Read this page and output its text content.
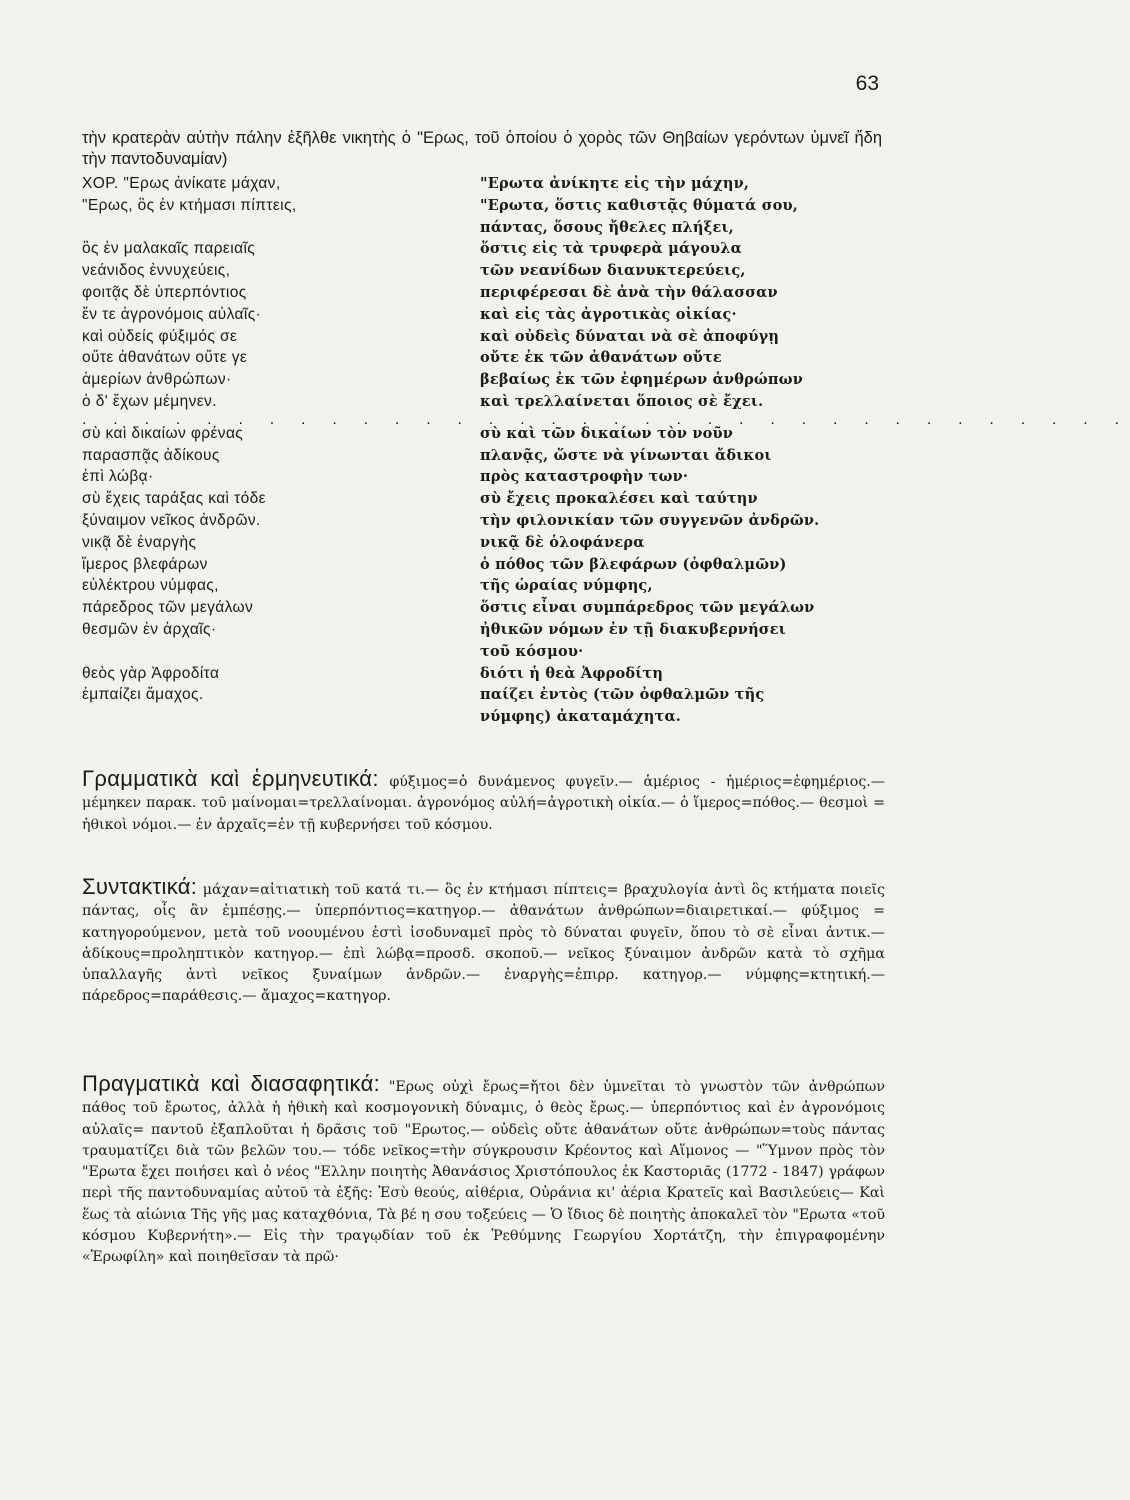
63
τὴν κρατερὰν αὐτὴν πάλην ἐξῆλθε νικητὴς ὁ "Ερως, τοῦ ὁποίου ὁ χορὸς τῶν Θηβαίων γερόντων ὑμνεῖ ἤδη τὴν παντοδυναμίαν)
ΧΟΡ. "Ερως ἀνίκατε μάχαν,	"Ερωτα ἀνίκητε εἰς τὴν μάχην,
"Ερως, ὃς ἐν κτήμασι πίπτεις,	"Ερωτα, ὅστις καθιστᾷς θύματά σου,
πάντας, ὅσους ἤθελες πλήξει,
ὃς ἐν μαλακαῖς παρειαῖς	ὅστις εἰς τὰ τρυφερὰ μάγουλα
νεάνιδος ἐννυχεύεις,	τῶν νεανίδων διανυκτερεύεις,
φοιτᾷς δὲ ὑπερπόντιος	περιφέρεσαι δὲ ἀνὰ τὴν θάλασσαν
ἔν τε ἀγρονόμοις αὐλαῖς·	καὶ εἰς τὰς ἀγροτικὰς οἰκίας·
καὶ οὐδείς φύξιμός σε	καὶ οὐδεὶς δύναται νὰ σὲ ἀποφύγῃ
οὔτε ἀθανάτων οὔτε γε	οὔτε ἐκ τῶν ἀθανάτων οὔτε
ἁμερίων ἀνθρώπων·	βεβαίως ἐκ τῶν ἐφημέρων ἀνθρώπων
ὁ δ' ἔχων μέμηνεν.	καὶ τρελλαίνεται ὅποιος σὲ ἔχει.
. . . . . . . . . . . . . . . . . . . . . . . . . . . . . . . . . .
σὺ καὶ δικαίων φρένας	σὺ καὶ τῶν δικαίων τὸν νοῦν
παρασπᾷς ἀδίκους	πλανᾷς, ὥστε νὰ γίνωνται ἄδικοι
ἐπὶ λώβᾳ·	πρὸς καταστροφὴν των·
σὺ ἔχεις ταράξας καὶ τόδε	σὺ ἔχεις προκαλέσει καὶ ταύτην
ξύναιμον νεῖκος ἀνδρῶν.	τὴν φιλονικίαν τῶν συγγενῶν ἀνδρῶν.
νικᾷ δὲ ἐναργὴς	νικᾷ δὲ ὁλοφάνερα
ἵμερος βλεφάρων	ὁ πόθος τῶν βλεφάρων (ὀφθαλμῶν)
εὐλέκτρου νύμφας,	τῆς ὡραίας νύμφης,
πάρεδρος τῶν μεγάλων	ὅστις εἶναι συμπάρεδρος τῶν μεγάλων
θεσμῶν ἐν ἀρχαῖς·	ἠθικῶν νόμων ἐν τῇ διακυβερνήσει
τοῦ κόσμου·
θεὸς γὰρ Ἀφροδίτα	διότι ἡ θεὰ Ἀφροδίτη
ἐμπαίζει ἄμαχος.	παίζει ἐντὸς (τῶν ὀφθαλμῶν τῆς
νύμφης) ἀκαταμάχητα.
Γραμματικὰ καὶ ἑρμηνευτικά: φύξιμος=ὁ δυνάμενος φυγεῖν.— ἁμέριος - ἡμέριος=ἐφημέριος.— μέμηκεν παρακ. τοῦ μαίνομαι=τρελλαίνομαι. ἀγρονόμος αὐλή=ἀγροτικὴ οἰκία.— ὁ ἵμερος=πόθος.— θεσμοὶ = ἠθικοὶ νόμοι.— ἐν ἀρχαῖς=ἐν τῇ κυβερνήσει τοῦ κόσμου.
Συντακτικά: μάχαν=αἰτιατικὴ τοῦ κατά τι.— ὃς ἐν κτήμασι πίπτεις= βραχυλογία ἀντὶ ὃς κτήματα ποιεῖς πάντας, οἷς ἂν ἐμπέσῃς.— ὑπερπόντιος=κατηγορ.— ἀθανάτων ἀνθρώπων=διαιρετικαί.— φύξιμος = κατηγορούμενον, μετὰ τοῦ νοουμένου ἐστὶ ἰσοδυναμεῖ πρὸς τὸ δύναται φυγεῖν, ὅπου τὸ σὲ εἶναι ἀντικ.— ἀδίκους=προληπτικὸν κατηγορ.— ἐπὶ λώβᾳ=προσδ. σκοποῦ.— νεῖκος ξύναιμον ἀνδρῶν κατὰ τὸ σχῆμα ὑπαλλαγῆς ἀντὶ νεῖκος ξυναίμων ἀνδρῶν.— ἐναργὴς=ἐπιρρ. κατηγορ.— νύμφης=κτητική.— πάρεδρος=παράθεσις.— ἄμαχος=κατηγορ.
Πραγματικὰ καὶ διασαφητικά: "Ερως οὐχὶ ἔρως=ἤτοι δὲν ὑμνεῖται τὸ γνωστὸν τῶν ἀνθρώπων πάθος τοῦ ἔρωτος, ἀλλὰ ἡ ἠθικὴ καὶ κοσμογονικὴ δύναμις, ὁ θεὸς ἔρως.— ὑπερπόντιος καὶ ἐν ἀγρονόμοις αὐλαῖς= παντοῦ ἐξαπλοῦται ἡ δρᾶσις τοῦ "Ερωτος.— οὐδεὶς οὔτε ἀθανάτων οὔτε ἀνθρώπων=τοὺς πάντας τραυματίζει διὰ τῶν βελῶν του.— τόδε νεῖκος=τὴν σύγκρουσιν Κρέοντος καὶ Αἵμονος — "Ὕμνον πρὸς τὸν "Ερωτα ἔχει ποιήσει καὶ ὁ νέος "Ελλην ποιητὴς Ἀθανάσιος Χριστόπουλος ἐκ Καστοριᾶς (1772 - 1847) γράφων περὶ τῆς παντοδυναμίας αὐτοῦ τὰ ἑξῆς: Ἐσὺ θεούς, αἰθέρια, Οὐράνια κι' ἀέρια Κρατεῖς καὶ Βασιλεύεις— Καὶ ἕως τὰ αἰώνια Τῆς γῆς μας καταχθόνια, Τὰ βέ η σου τοξεύεις — Ὁ ἴδιος δὲ ποιητὴς ἀποκαλεῖ τὸν "Ερωτα «τοῦ κόσμου Κυβερνήτη».— Εἰς τὴν τραγῳδίαν τοῦ ἐκ Ῥεθύμνης Γεωργίου Χορτάτζη, τὴν ἐπιγραφομένην «Ἐρωφίλη» καὶ ποιηθεῖσαν τὰ πρῶ·
